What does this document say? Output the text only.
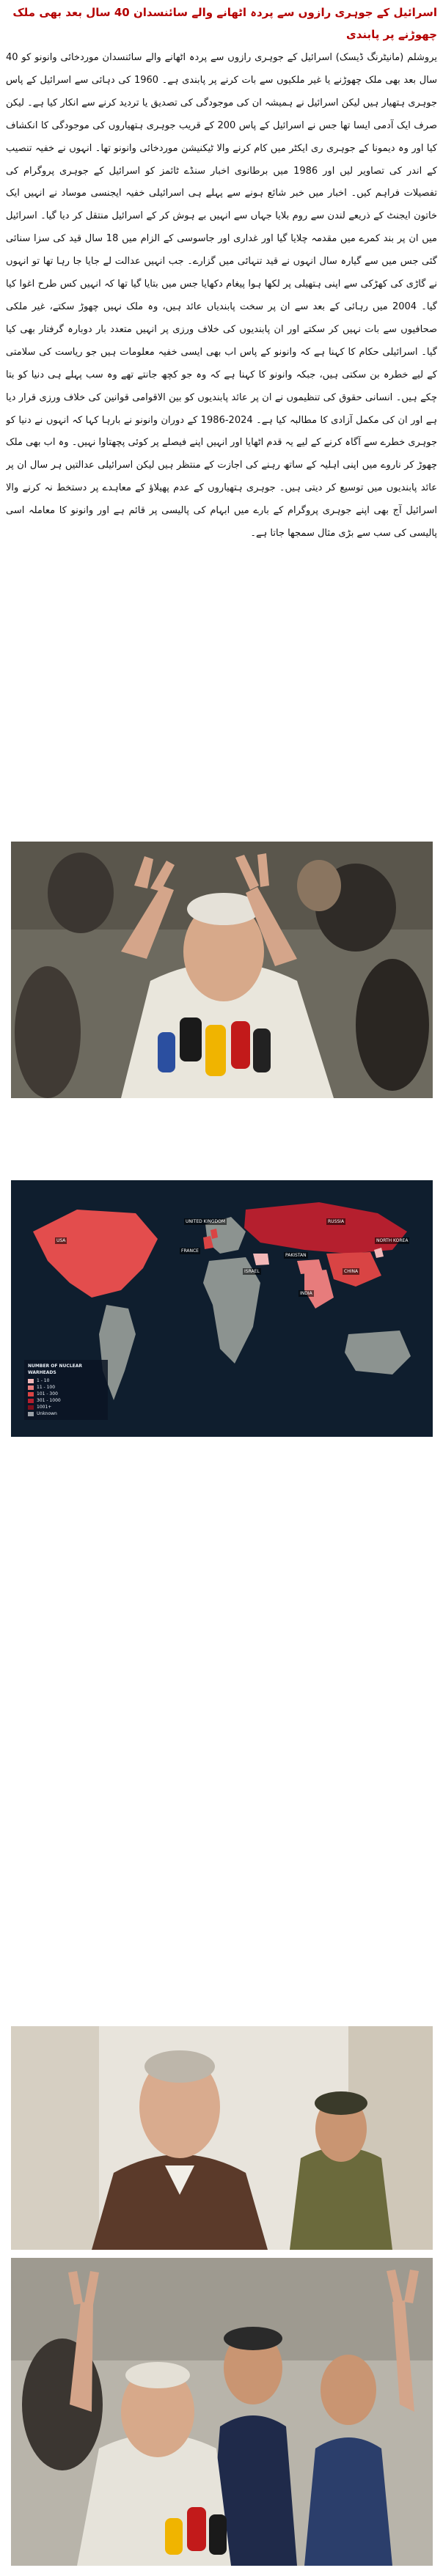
اسرائیل کے جوہری رازوں سے پردہ اٹھانے والے سائنسدان 40 سال بعد بھی ملک چھوڑنے پر پابندی
یروشلم (مانیٹرنگ ڈیسک) اسرائیل کے جوہری رازوں سے پردہ اٹھانے والے سائنسدان موردخائی وانونو کو 40 سال بعد بھی ملک چھوڑنے یا غیر ملکیوں سے بات کرنے پر پابندی ہے۔ 1960 کی دہائی سے اسرائیل کے پاس جوہری ہتھیار ہیں لیکن اسرائیل نے ہمیشہ ان کی موجودگی کی تصدیق یا تردید کرنے سے انکار کیا ہے۔ لیکن صرف ایک آدمی ایسا تھا جس نے اسرائیل کے پاس 200 کے قریب جوہری ہتھیاروں کی موجودگی کا انکشاف کیا اور وہ دیمونا کے جوہری ری ایکٹر میں کام کرنے والا ٹیکنیشن موردخائی وانونو تھا۔ انہوں نے خفیہ تنصیب کے اندر کی تصاویر لیں اور 1986 میں برطانوی اخبار سنڈے ٹائمز کو اسرائیل کے جوہری پروگرام کی تفصیلات فراہم کیں۔ اخبار میں خبر شائع ہونے سے پہلے ہی اسرائیلی خفیہ ایجنسی موساد نے انہیں ایک خاتون ایجنٹ کے ذریعے لندن سے روم بلایا جہاں سے انہیں بے ہوش کر کے اسرائیل منتقل کر دیا گیا۔ اسرائیل میں ان پر بند کمرے میں مقدمہ چلایا گیا اور غداری اور جاسوسی کے الزام میں 18 سال قید کی سزا سنائی گئی جس میں سے گیارہ سال انہوں نے قید تنہائی میں گزارے۔ جب انہیں عدالت لے جایا جا رہا تھا تو انہوں نے گاڑی کی کھڑکی سے اپنی ہتھیلی پر لکھا ہوا پیغام دکھایا جس میں بتایا گیا تھا کہ انہیں کس طرح اغوا کیا گیا۔ 2004 میں رہائی کے بعد سے ان پر سخت پابندیاں عائد ہیں، وہ ملک نہیں چھوڑ سکتے، غیر ملکی صحافیوں سے بات نہیں کر سکتے اور ان پابندیوں کی خلاف ورزی پر انہیں متعدد بار دوبارہ گرفتار بھی کیا گیا۔ اسرائیلی حکام کا کہنا ہے کہ وانونو کے پاس اب بھی ایسی خفیہ معلومات ہیں جو ریاست کی سلامتی کے لیے خطرہ بن سکتی ہیں، جبکہ وانونو کا کہنا ہے کہ وہ جو کچھ جانتے تھے وہ سب پہلے ہی دنیا کو بتا چکے ہیں۔ انسانی حقوق کی تنظیموں نے ان پر عائد پابندیوں کو بین الاقوامی قوانین کی خلاف ورزی قرار دیا ہے اور ان کی مکمل آزادی کا مطالبہ کیا ہے۔ 2024-1986 کے دوران وانونو نے بارہا کہا کہ انہوں نے دنیا کو جوہری خطرے سے آگاہ کرنے کے لیے یہ قدم اٹھایا اور انہیں اپنے فیصلے پر کوئی پچھتاوا نہیں۔ وہ اب بھی ملک چھوڑ کر ناروے میں اپنی اہلیہ کے ساتھ رہنے کی اجازت کے منتظر ہیں لیکن اسرائیلی عدالتیں ہر سال ان پر عائد پابندیوں میں توسیع کر دیتی ہیں۔ جوہری ہتھیاروں کے عدم پھیلاؤ کے معاہدے پر دستخط نہ کرنے والا اسرائیل آج بھی اپنے جوہری پروگرام کے بارے میں ابہام کی پالیسی پر قائم ہے اور وانونو کا معاملہ اسی پالیسی کی سب سے بڑی مثال سمجھا جاتا ہے۔
USA
UNITED KINGDOM
FRANCE
ISRAEL
PAKISTAN
INDIA
CHINA
RUSSIA
NORTH KOREA
NUMBER OF NUCLEAR WARHEADS
1 - 10
11 - 100
101 - 300
301 - 1000
1001+
Unknown
